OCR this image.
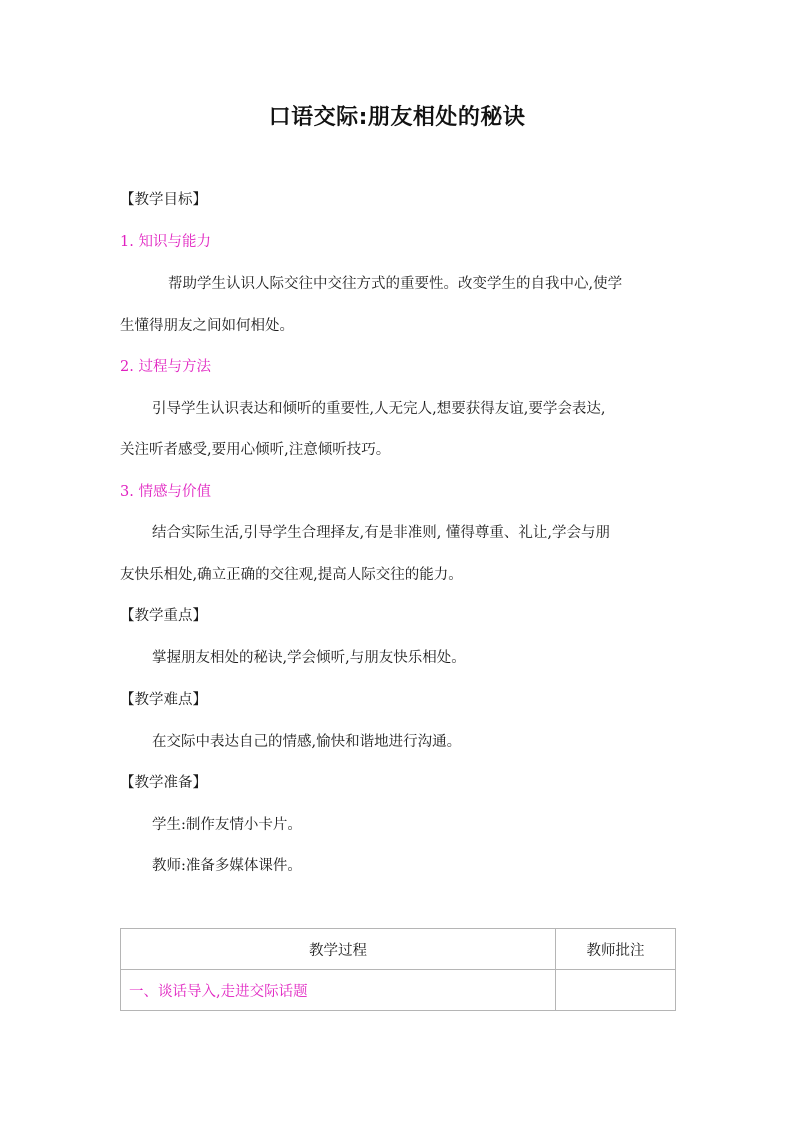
口语交际:朋友相处的秘诀
【教学目标】
1. 知识与能力
帮助学生认识人际交往中交往方式的重要性。改变学生的自我中心,使学
生懂得朋友之间如何相处。
2. 过程与方法
引导学生认识表达和倾听的重要性,人无完人,想要获得友谊,要学会表达,
关注听者感受,要用心倾听,注意倾听技巧。
3. 情感与价值
结合实际生活,引导学生合理择友,有是非准则, 懂得尊重、礼让,学会与朋
友快乐相处,确立正确的交往观,提高人际交往的能力。
【教学重点】
掌握朋友相处的秘诀,学会倾听,与朋友快乐相处。
【教学难点】
在交际中表达自己的情感,愉快和谐地进行沟通。
【教学准备】
学生:制作友情小卡片。
教师:准备多媒体课件。
教学过程	教师批注
一、谈话导入,走进交际话题	
